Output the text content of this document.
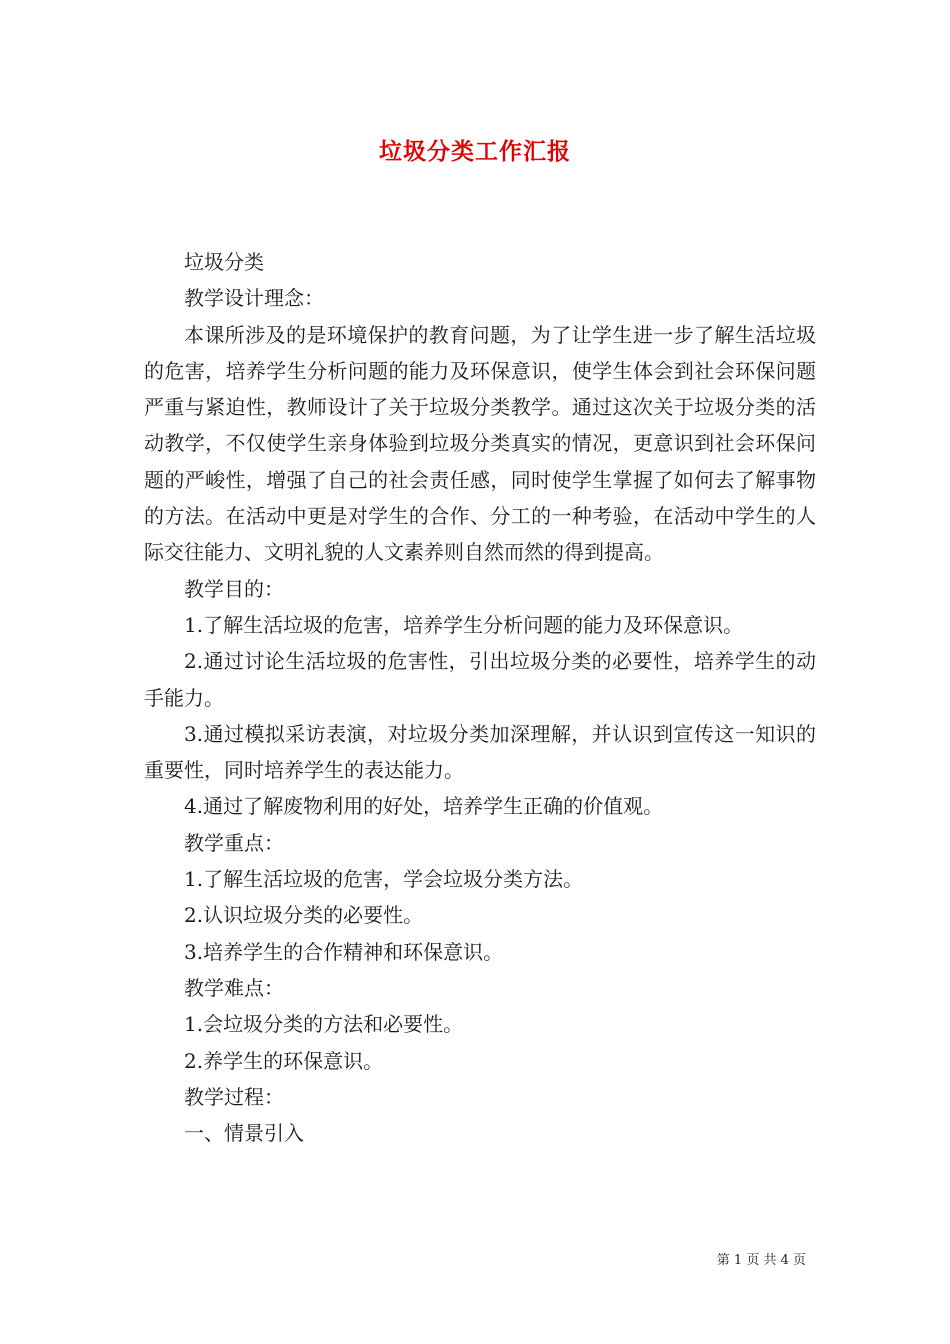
垃圾分类工作汇报

垃圾分类

教学设计理念：

本课所涉及的是环境保护的教育问题，为了让学生进一步了解生活垃圾的危害，培养学生分析问题的能力及环保意识，使学生体会到社会环保问题严重与紧迫性，教师设计了关于垃圾分类教学。通过这次关于垃圾分类的活动教学，不仅使学生亲身体验到垃圾分类真实的情况，更意识到社会环保问题的严峻性，增强了自己的社会责任感，同时使学生掌握了如何去了解事物的方法。在活动中更是对学生的合作、分工的一种考验，在活动中学生的人际交往能力、文明礼貌的人文素养则自然而然的得到提高。

教学目的：

1.了解生活垃圾的危害，培养学生分析问题的能力及环保意识。

2.通过讨论生活垃圾的危害性，引出垃圾分类的必要性，培养学生的动手能力。

3.通过模拟采访表演，对垃圾分类加深理解，并认识到宣传这一知识的重要性，同时培养学生的表达能力。

4.通过了解废物利用的好处，培养学生正确的价值观。

教学重点：

1.了解生活垃圾的危害，学会垃圾分类方法。

2.认识垃圾分类的必要性。

3.培养学生的合作精神和环保意识。

教学难点：

1.会垃圾分类的方法和必要性。

2.养学生的环保意识。

教学过程：

一、情景引入

第 1 页 共 4 页
